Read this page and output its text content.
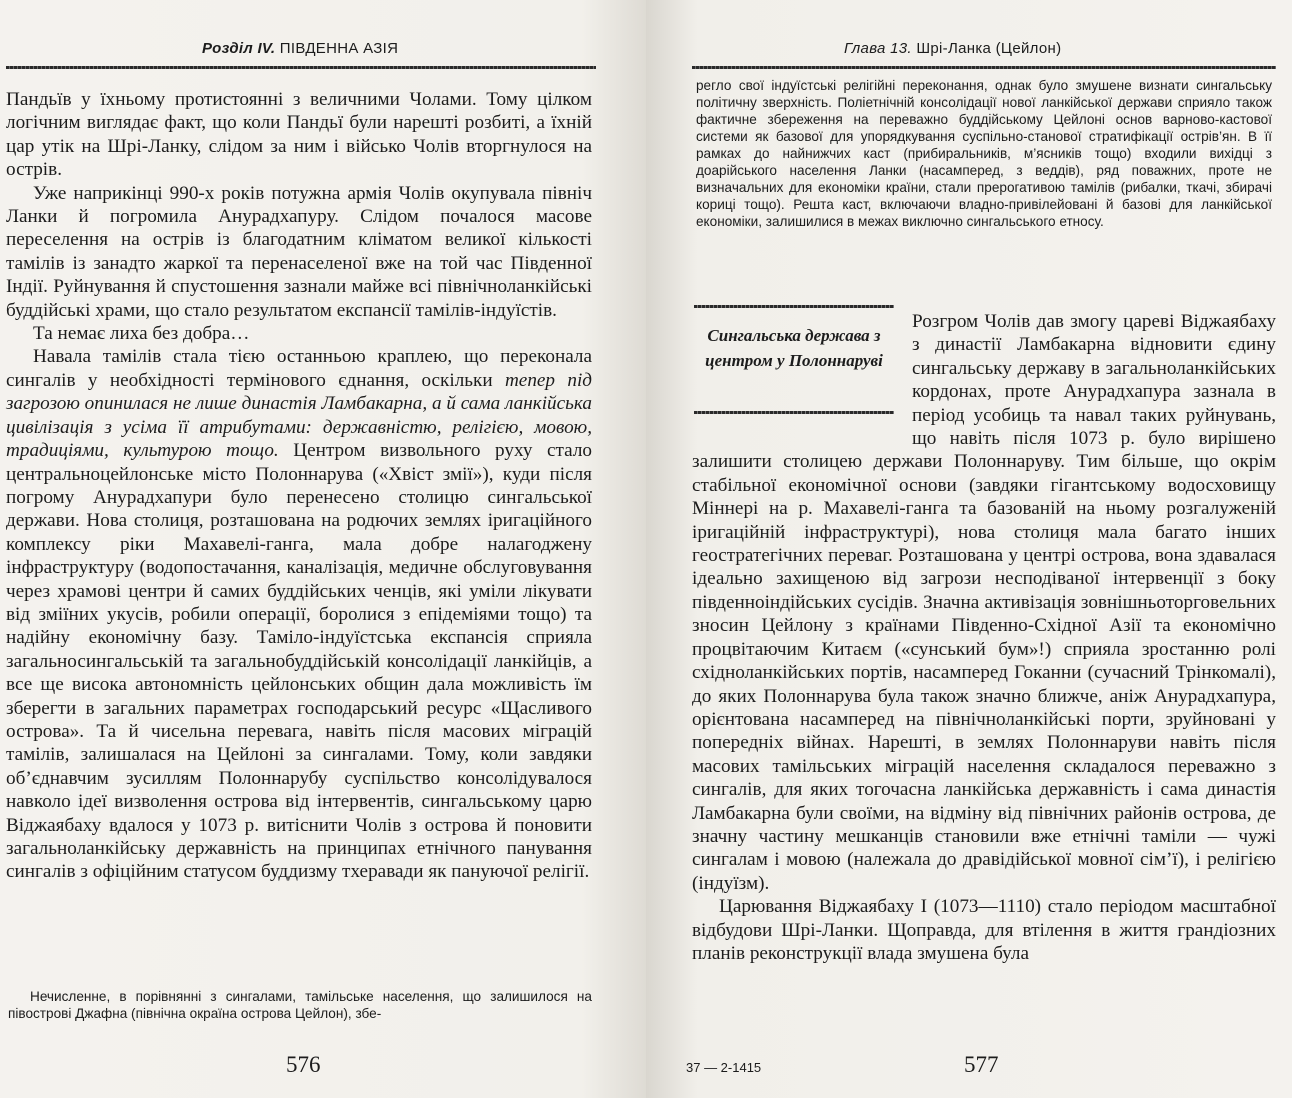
Розділ IV. ПІВДЕННА АЗІЯ

Пандьїв у їхньому протистоянні з величними Чолами. Тому цілком логічним виглядає факт, що коли Пандьї були нарешті розбиті, а їхній цар утік на Шрі-Ланку, слідом за ним і військо Чолів вторгнулося на острів.

Уже наприкінці 990-х років потужна армія Чолів окупувала північ Ланки й погромила Анурадхапуру. Слідом почалося масове переселення на острів із благодатним кліматом великої кількості тамілів із занадто жаркої та перенаселеної вже на той час Південної Індії. Руйнування й спустошення зазнали майже всі північноланкійські буддійські храми, що стало результатом експансії тамілів-індуїстів.

Та немає лиха без добра…

Навала тамілів стала тією останньою краплею, що переконала сингалів у необхідності термінового єднання, оскільки тепер під загрозою опинилася не лише династія Ламбакарна, а й сама ланкійська цивілізація з усіма її атрибутами: державністю, релігією, мовою, традиціями, культурою тощо. Центром визвольного руху стало центральноцейлонське місто Полоннарува («Хвіст змії»), куди після погрому Анурадхапури було перенесено столицю сингальської держави. Нова столиця, розташована на родючих землях іригаційного комплексу ріки Махавелі-ганга, мала добре налагоджену інфраструктуру (водопостачання, каналізація, медичне обслуговування через храмові центри й самих буддійських ченців, які уміли лікувати від зміїних укусів, робили операції, боролися з епідеміями тощо) та надійну економічну базу. Таміло-індуїстська експансія сприяла загальносингальській та загальнобуддійській консолідації ланкійців, а все ще висока автономність цейлонських общин дала можливість їм зберегти в загальних параметрах господарський ресурс «Щасливого острова». Та й чисельна перевага, навіть після масових міграцій тамілів, залишалася на Цейлоні за сингалами. Тому, коли завдяки об’єднавчим зусиллям Полоннарубу суспільство консолідувалося навколо ідеї визволення острова від інтервентів, сингальському царю Віджаябаху вдалося у 1073 р. витіснити Чолів з острова й поновити загальноланкійську державність на принципах етнічного панування сингалів з офіційним статусом буддизму тхеравади як пануючої релігії.

Нечисленне, в порівнянні з сингалами, тамільське населення, що залишилося на півострові Джафна (північна окраїна острова Цейлон), збе-

576
Глава 13. Шрі-Ланка (Цейлон)

регло свої індуїстські релігійні переконання, однак було змушене визнати сингальську політичну зверхність. Поліетнічній консолідації нової ланкійської держави сприяло також фактичне збереження на переважно буддійському Цейлоні основ варново-кастової системи як базової для упорядкування суспільно-станової стратифікації острів’ян. В її рамках до найнижчих каст (прибиральників, м’ясників тощо) входили вихідці з доарійського населення Ланки (насамперед, з веддів), ряд поважних, проте не визначальних для економіки країни, стали прерогативою тамілів (рибалки, ткачі, збирачі кориці тощо). Решта каст, включаючи владно-привілейовані й базові для ланкійської економіки, залишилися в межах виключно сингальського етносу.

Сингальська держава з центром у Полоннаруві

Розгром Чолів дав змогу цареві Віджаябаху з династії Ламбакарна відновити єдину сингальську державу в загальноланкійських кордонах, проте Анурадхапура зазнала в період усобиць та навал таких руйнувань, що навіть після 1073 р. було вирішено залишити столицею держави Полоннаруву. Тим більше, що окрім стабільної економічної основи (завдяки гігантському водосховищу Міннері на р. Махавелі-ганга та базованій на ньому розгалуженій іригаційній інфраструктурі), нова столиця мала багато інших геостратегічних переваг. Розташована у центрі острова, вона здавалася ідеально захищеною від загрози несподіваної інтервенції з боку південноіндійських сусідів. Значна активізація зовнішньоторговельних зносин Цейлону з країнами Південно-Східної Азії та економічно процвітаючим Китаєм («сунський бум»!) сприяла зростанню ролі східноланкійських портів, насамперед Гоканни (сучасний Трінкомалі), до яких Полоннарува була також значно ближче, аніж Анурадхапура, орієнтована насамперед на північноланкійські порти, зруйновані у попередніх війнах. Нарешті, в землях Полоннаруви навіть після масових тамільських міграцій населення складалося переважно з сингалів, для яких тогочасна ланкійська державність і сама династія Ламбакарна були своїми, на відміну від північних районів острова, де значну частину мешканців становили вже етнічні таміли — чужі сингалам і мовою (належала до дравідійської мовної сім’ї), і релігією (індуїзм).

Царювання Віджаябаху I (1073—1110) стало періодом масштабної відбудови Шрі-Ланки. Щоправда, для втілення в життя грандіозних планів реконструкції влада змушена була

37 — 2-1415	577
